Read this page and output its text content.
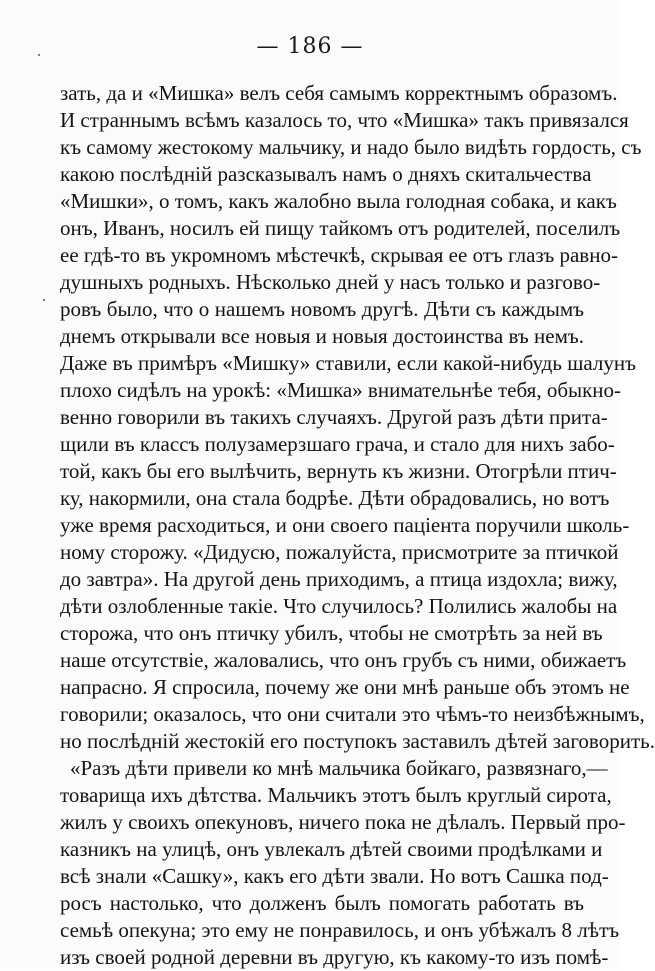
— 186 —
зать, да и «Мишка» велъ себя самымъ корректнымъ образомъ.
И страннымъ всѣмъ казалось то, что «Мишка» такъ привязался
къ самому жестокому мальчику, и надо было видѣть гордость, съ
какою послѣдній разсказывалъ намъ о дняхъ скитальчества
«Мишки», о томъ, какъ жалобно выла голодная собака, и какъ
онъ, Иванъ, носилъ ей пищу тайкомъ отъ родителей, поселилъ
ее гдѣ-то въ укромномъ мѣстечкѣ, скрывая ее отъ глазъ равно-
душныхъ родныхъ. Нѣсколько дней у насъ только и разгово-
ровъ было, что о нашемъ новомъ другѣ. Дѣти съ каждымъ
днемъ открывали все новыя и новыя достоинства въ немъ.
Даже въ примѣръ «Мишку» ставили, если какой-нибудь шалунъ
плохо сидѣлъ на урокѣ: «Мишка» внимательнѣе тебя, обыкно-
венно говорили въ такихъ случаяхъ. Другой разъ дѣти прита-
щили въ классъ полузамерзшаго грача, и стало для нихъ забо-
той, какъ бы его вылѣчить, вернуть къ жизни. Отогрѣли птич-
ку, накормили, она стала бодрѣе. Дѣти обрадовались, но вотъ
уже время расходиться, и они своего паціента поручили школь-
ному сторожу. «Дидусю, пожалуйста, присмотрите за птичкой
до завтра». На другой день приходимъ, а птица издохла; вижу,
дѣти озлобленные такіе. Что случилось? Полились жалобы на
сторожа, что онъ птичку убилъ, чтобы не смотрѣть за ней въ
наше отсутствіе, жаловались, что онъ грубъ съ ними, обижаетъ
напрасно. Я спросила, почему же они мнѣ раньше объ этомъ не
говорили; оказалось, что они считали это чѣмъ-то неизбѣжнымъ,
но послѣдній жестокій его поступокъ заставилъ дѣтей заговорить.
«Разъ дѣти привели ко мнѣ мальчика бойкаго, развязнаго,—
товарища ихъ дѣтства. Мальчикъ этотъ былъ круглый сирота,
жилъ у своихъ опекуновъ, ничего пока не дѣлалъ. Первый про-
казникъ на улицѣ, онъ увлекалъ дѣтей своими продѣлками и
всѣ знали «Сашку», какъ его дѣти звали. Но вотъ Сашка под-
росъ настолько, что долженъ былъ помогать работать въ
семьѣ опекуна; это ему не понравилось, и онъ убѣжалъ 8 лѣтъ
изъ своей родной деревни въ другую, къ какому-то изъ помѣ-
